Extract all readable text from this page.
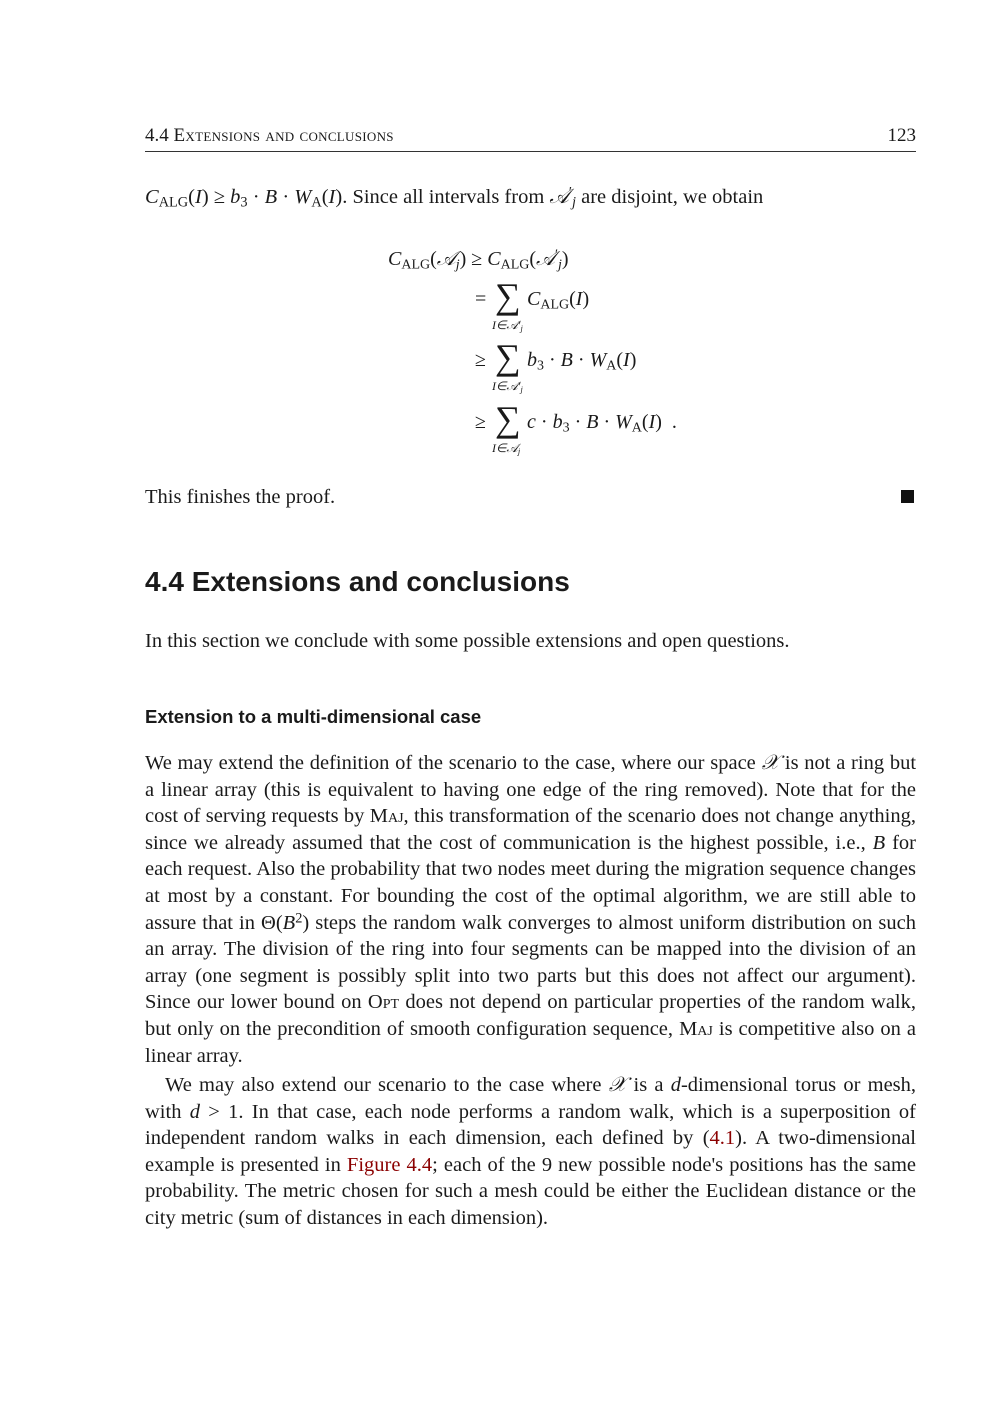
4.4 Extensions and conclusions	123
$C_{ALG}(I) \ge b_3 \cdot B \cdot W_A(I)$. Since all intervals from 𝒜′$_j$ are disjoint, we obtain
$C_{ALG}(𝒜_j)$ ≥ $C_{ALG}(𝒜'_j)$
= ∑
$I\in 𝒜'_j$
$C_{ALG}(I)$
≥ ∑
$I\in 𝒜'_j$
$b_3 \cdot B \cdot W_A(I)$
≥ ∑
I∈𝒜$_j$
$c \cdot b_3 \cdot B \cdot W_A(I)$  .
This finishes the proof.
4.4 Extensions and conclusions
In this section we conclude with some possible extensions and open questions.
Extension to a multi-dimensional case

We may extend the definition of the scenario to the case, where our space 𝒳 is not a ring but a linear array (this is equivalent to having one edge of the ring removed). Note that for the cost of serving requests by Maj, this transformation of the scenario does not change anything, since we already assumed that the cost of communication is the highest possible, i.e., B for each request. Also the probability that two nodes meet during the migration sequence changes at most by a constant. For bounding the cost of the optimal algorithm, we are still able to assure that in $\Theta(B^2)$ steps the random walk converges to almost uniform distribution on such an array. The division of the ring into four segments can be mapped into the division of an array (one segment is possibly split into two parts but this does not affect our argument). Since our lower bound on Opt does not depend on particular properties of the random walk, but only on the precondition of smooth configuration sequence, Maj is competitive also on a linear array.

We may also extend our scenario to the case where 𝒳 is a d-dimensional torus or mesh, with d > 1. In that case, each node performs a random walk, which is a superposition of independent random walks in each dimension, each defined by (4.1). A two-dimensional example is presented in Figure 4.4; each of the 9 new possible node's positions has the same probability. The metric chosen for such a mesh could be either the Euclidean distance or the city metric (sum of distances in each dimension).
